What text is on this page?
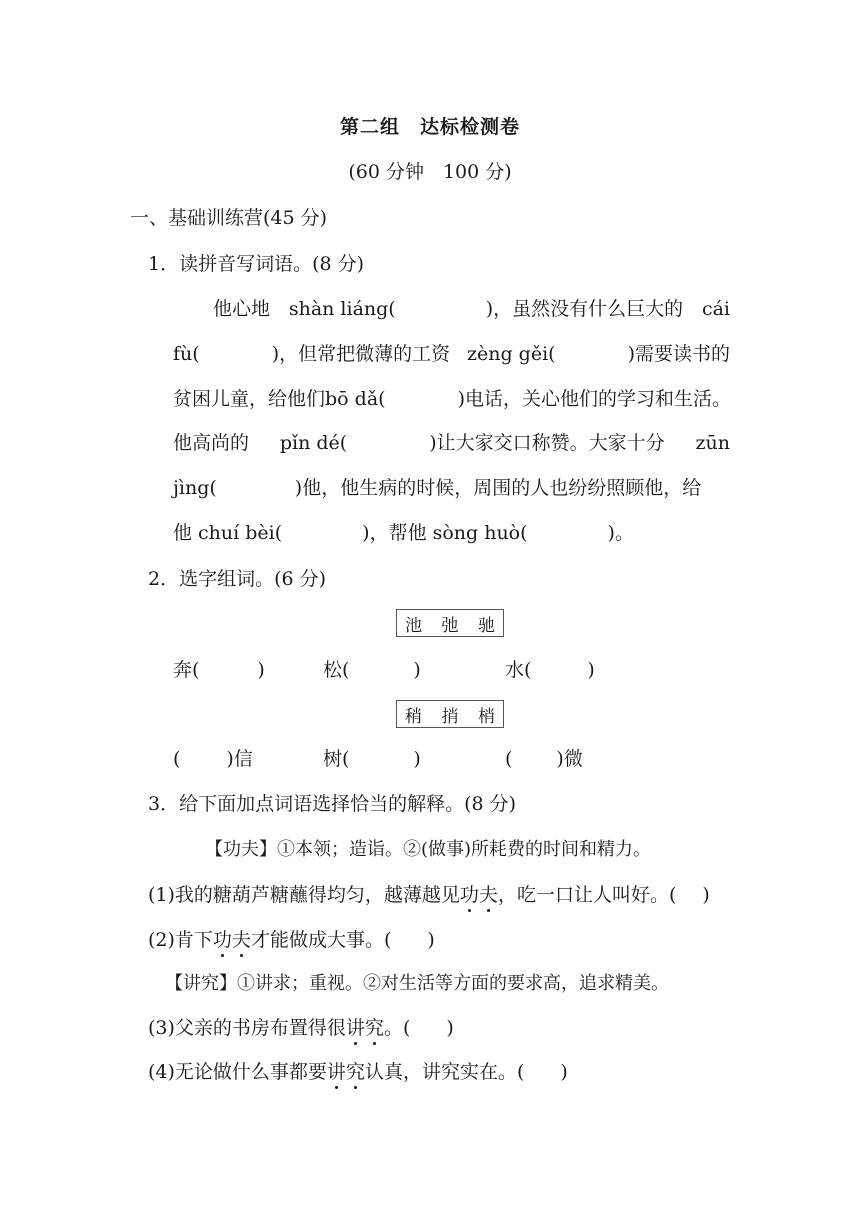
第二组　达标检测卷
(60 分钟　100 分)
一、基础训练营(45 分)
1．读拼音写词语。(8 分)
他心地 shàn liáng(	)，虽然没有什么巨大的 cái
fù(	)，但常把微薄的工资 zèng gěi(	)需要读书的
贫困儿童，给他们 bō dǎ(	)电话，关心他们的学习和生活。
他高尚的 pǐn dé(	)让大家交口称赞。大家十分 zūn
jìng(	)他，他生病的时候，周围的人也纷纷照顾他，给
他 chuí bèi(	)，帮他 sòng huò(	)。
2．选字组词。(6 分)
池 弛 驰
奔(	)	松(	)	水(	)
稍 捎 梢
( )信	树(	)	( )微
3．给下面加点词语选择恰当的解释。(8 分)
【功夫】①本领；造诣。②(做事)所耗费的时间和精力。
(1)我的糖葫芦糖蘸得均匀，越薄越见功夫，吃一口让人叫好。( )
(2)肯下功夫才能做成大事。( )
【讲究】①讲求；重视。②对生活等方面的要求高，追求精美。
(3)父亲的书房布置得很讲究。( )
(4)无论做什么事都要讲究认真，讲究实在。( )
